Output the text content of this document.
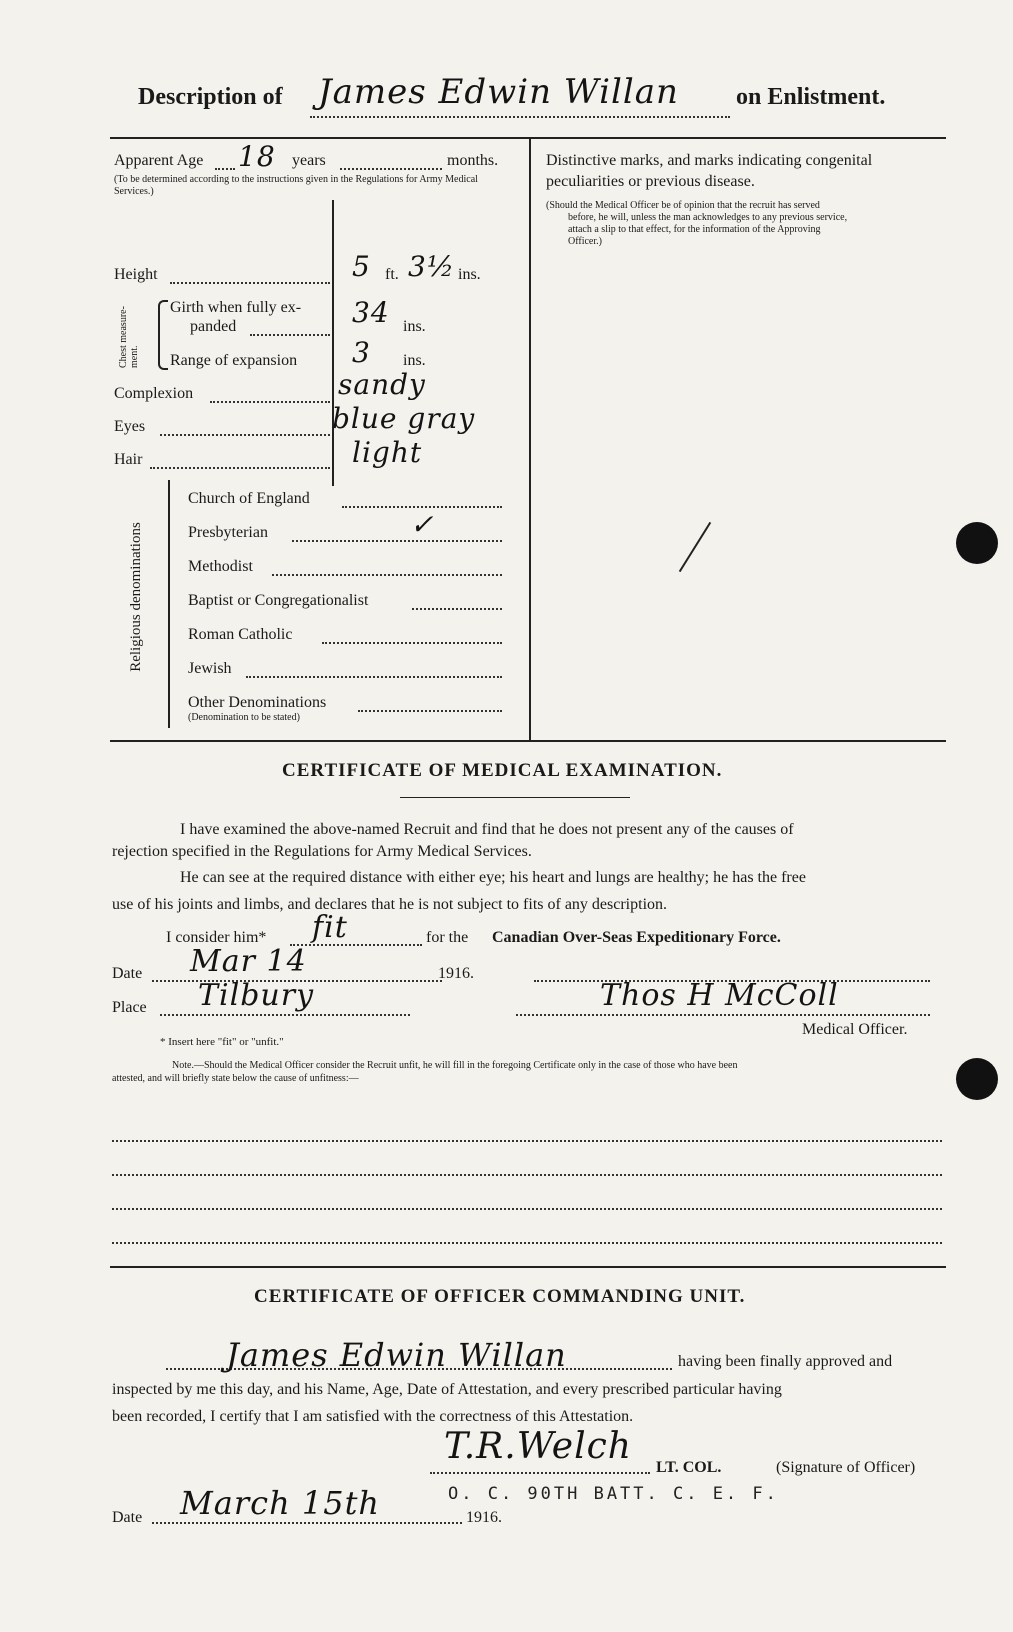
Description of James Edwin Willan on Enlistment.
Apparent Age 18 years	months.
(To be determined according to the instructions given in the Regulations for Army Medical Services.)
Height	5 ft. 3½ ins.
Chest measure-ment.
Girth when fully ex-
panded	34 ins.
Range of expansion 3 ins.
Complexion	sandy
Eyes	blue gray
Hair	light
Religious denominations
Church of England
Presbyterian	✓
Methodist
Baptist or Congregationalist
Roman Catholic
Jewish
Other Denominations
(Denomination to be stated)
Distinctive marks, and marks indicating congenital
peculiarities or previous disease.
(Should the Medical Officer be of opinion that the recruit has served
before, he will, unless the man acknowledges to any previous service,
attach a slip to that effect, for the information of the Approving
Officer.)
CERTIFICATE OF MEDICAL EXAMINATION.
I have examined the above-named Recruit and find that he does not present any of the causes of
rejection specified in the Regulations for Army Medical Services.
He can see at the required distance with either eye; his heart and lungs are healthy; he has the free
use of his joints and limbs, and declares that he is not subject to fits of any description.
I consider him* fit	for the Canadian Over-Seas Expeditionary Force.
Date Mar 14	1916.
Place Tilbury	Thos H McColl
Medical Officer.
* Insert here "fit" or "unfit."
Note.—Should the Medical Officer consider the Recruit unfit, he will fill in the foregoing Certificate only in the case of those who have been
attested, and will briefly state below the cause of unfitness:—
CERTIFICATE OF OFFICER COMMANDING UNIT.
James Edwin Willan	having been finally approved and
inspected by me this day, and his Name, Age, Date of Attestation, and every prescribed particular having
been recorded, I certify that I am satisfied with the correctness of this Attestation.
T.R.Welch
LT. COL.	(Signature of Officer)
O. C. 90TH BATT. C. E. F.
Date March 15th	1916.
